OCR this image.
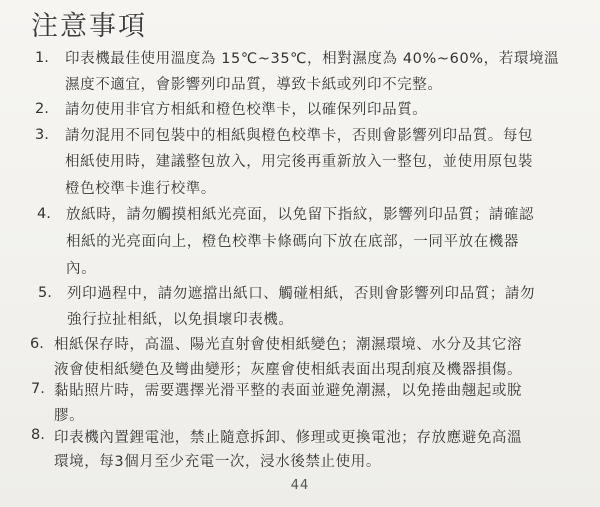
注意事項
1. 印表機最佳使用溫度為 15℃~35℃，相對濕度為 40%~60%，若環境溫
濕度不適宜，會影響列印品質，導致卡紙或列印不完整。
2. 請勿使用非官方相紙和橙色校準卡，以確保列印品質。
3. 請勿混用不同包裝中的相紙與橙色校準卡，否則會影響列印品質。每包
相紙使用時，建議整包放入，用完後再重新放入一整包，並使用原包裝
橙色校準卡進行校準。
4. 放紙時，請勿觸摸相紙光亮面，以免留下指紋，影響列印品質；請確認
相紙的光亮面向上，橙色校準卡條碼向下放在底部，一同平放在機器
內。
5. 列印過程中，請勿遮擋出紙口、觸碰相紙，否則會影響列印品質；請勿
強行拉扯相紙，以免損壞印表機。
6. 相紙保存時，高溫、陽光直射會使相紙變色；潮濕環境、水分及其它溶
液會使相紙變色及彎曲變形；灰塵會使相紙表面出現刮痕及機器損傷。
7. 黏貼照片時，需要選擇光滑平整的表面並避免潮濕，以免捲曲翹起或脫
膠。
8. 印表機內置鋰電池，禁止隨意拆卸、修理或更換電池；存放應避免高溫
環境，每3個月至少充電一次，浸水後禁止使用。
44
